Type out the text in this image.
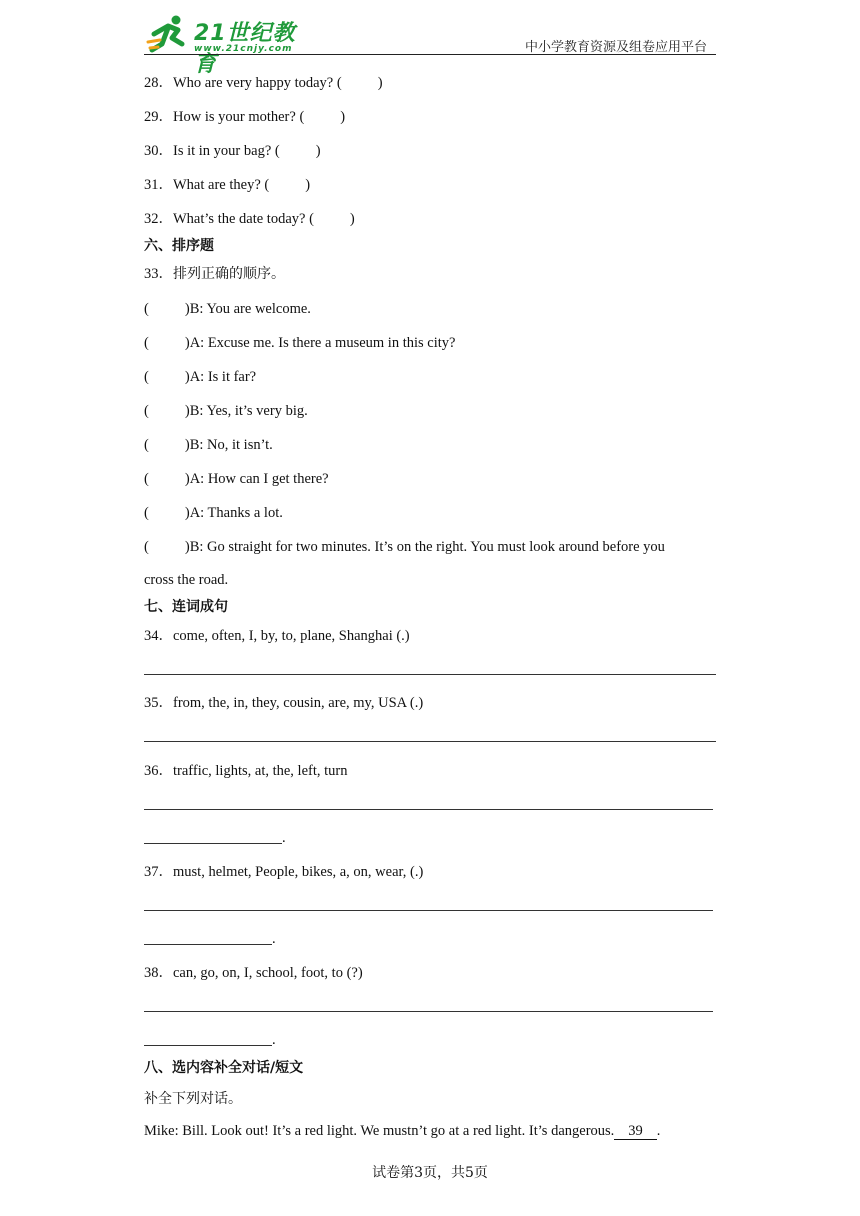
21世纪教育
www.21cnjy.com	中小学教育资源及组卷应用平台
28．Who are very happy today? ( )
29．How is your mother? ( )
30．Is it in your bag? ( )
31．What are they? ( )
32．What’s the date today? ( )
六、排序题
33．排列正确的顺序。
( )B: You are welcome.
( )A: Excuse me. Is there a museum in this city?
( )A: Is it far?
( )B: Yes, it’s very big.
( )B: No, it isn’t.
( )A: How can I get there?
( )A: Thanks a lot.
( )B: Go straight for two minutes. It’s on the right. You must look around before you
cross the road.
七、连词成句
34．come, often, I, by, to, plane, Shanghai (.)
35．from, the, in, they, cousin, are, my, USA (.)
36．traffic, lights, at, the, left, turn
.
37．must, helmet, People, bikes, a, on, wear, (.)
.
38．can, go, on, I, school, foot, to (?)
.
八、选内容补全对话/短文
补全下列对话。
Mike: Bill. Look out! It’s a red light. We mustn’t go at a red light. It’s dangerous. 39 .
试卷第3页，共5页
